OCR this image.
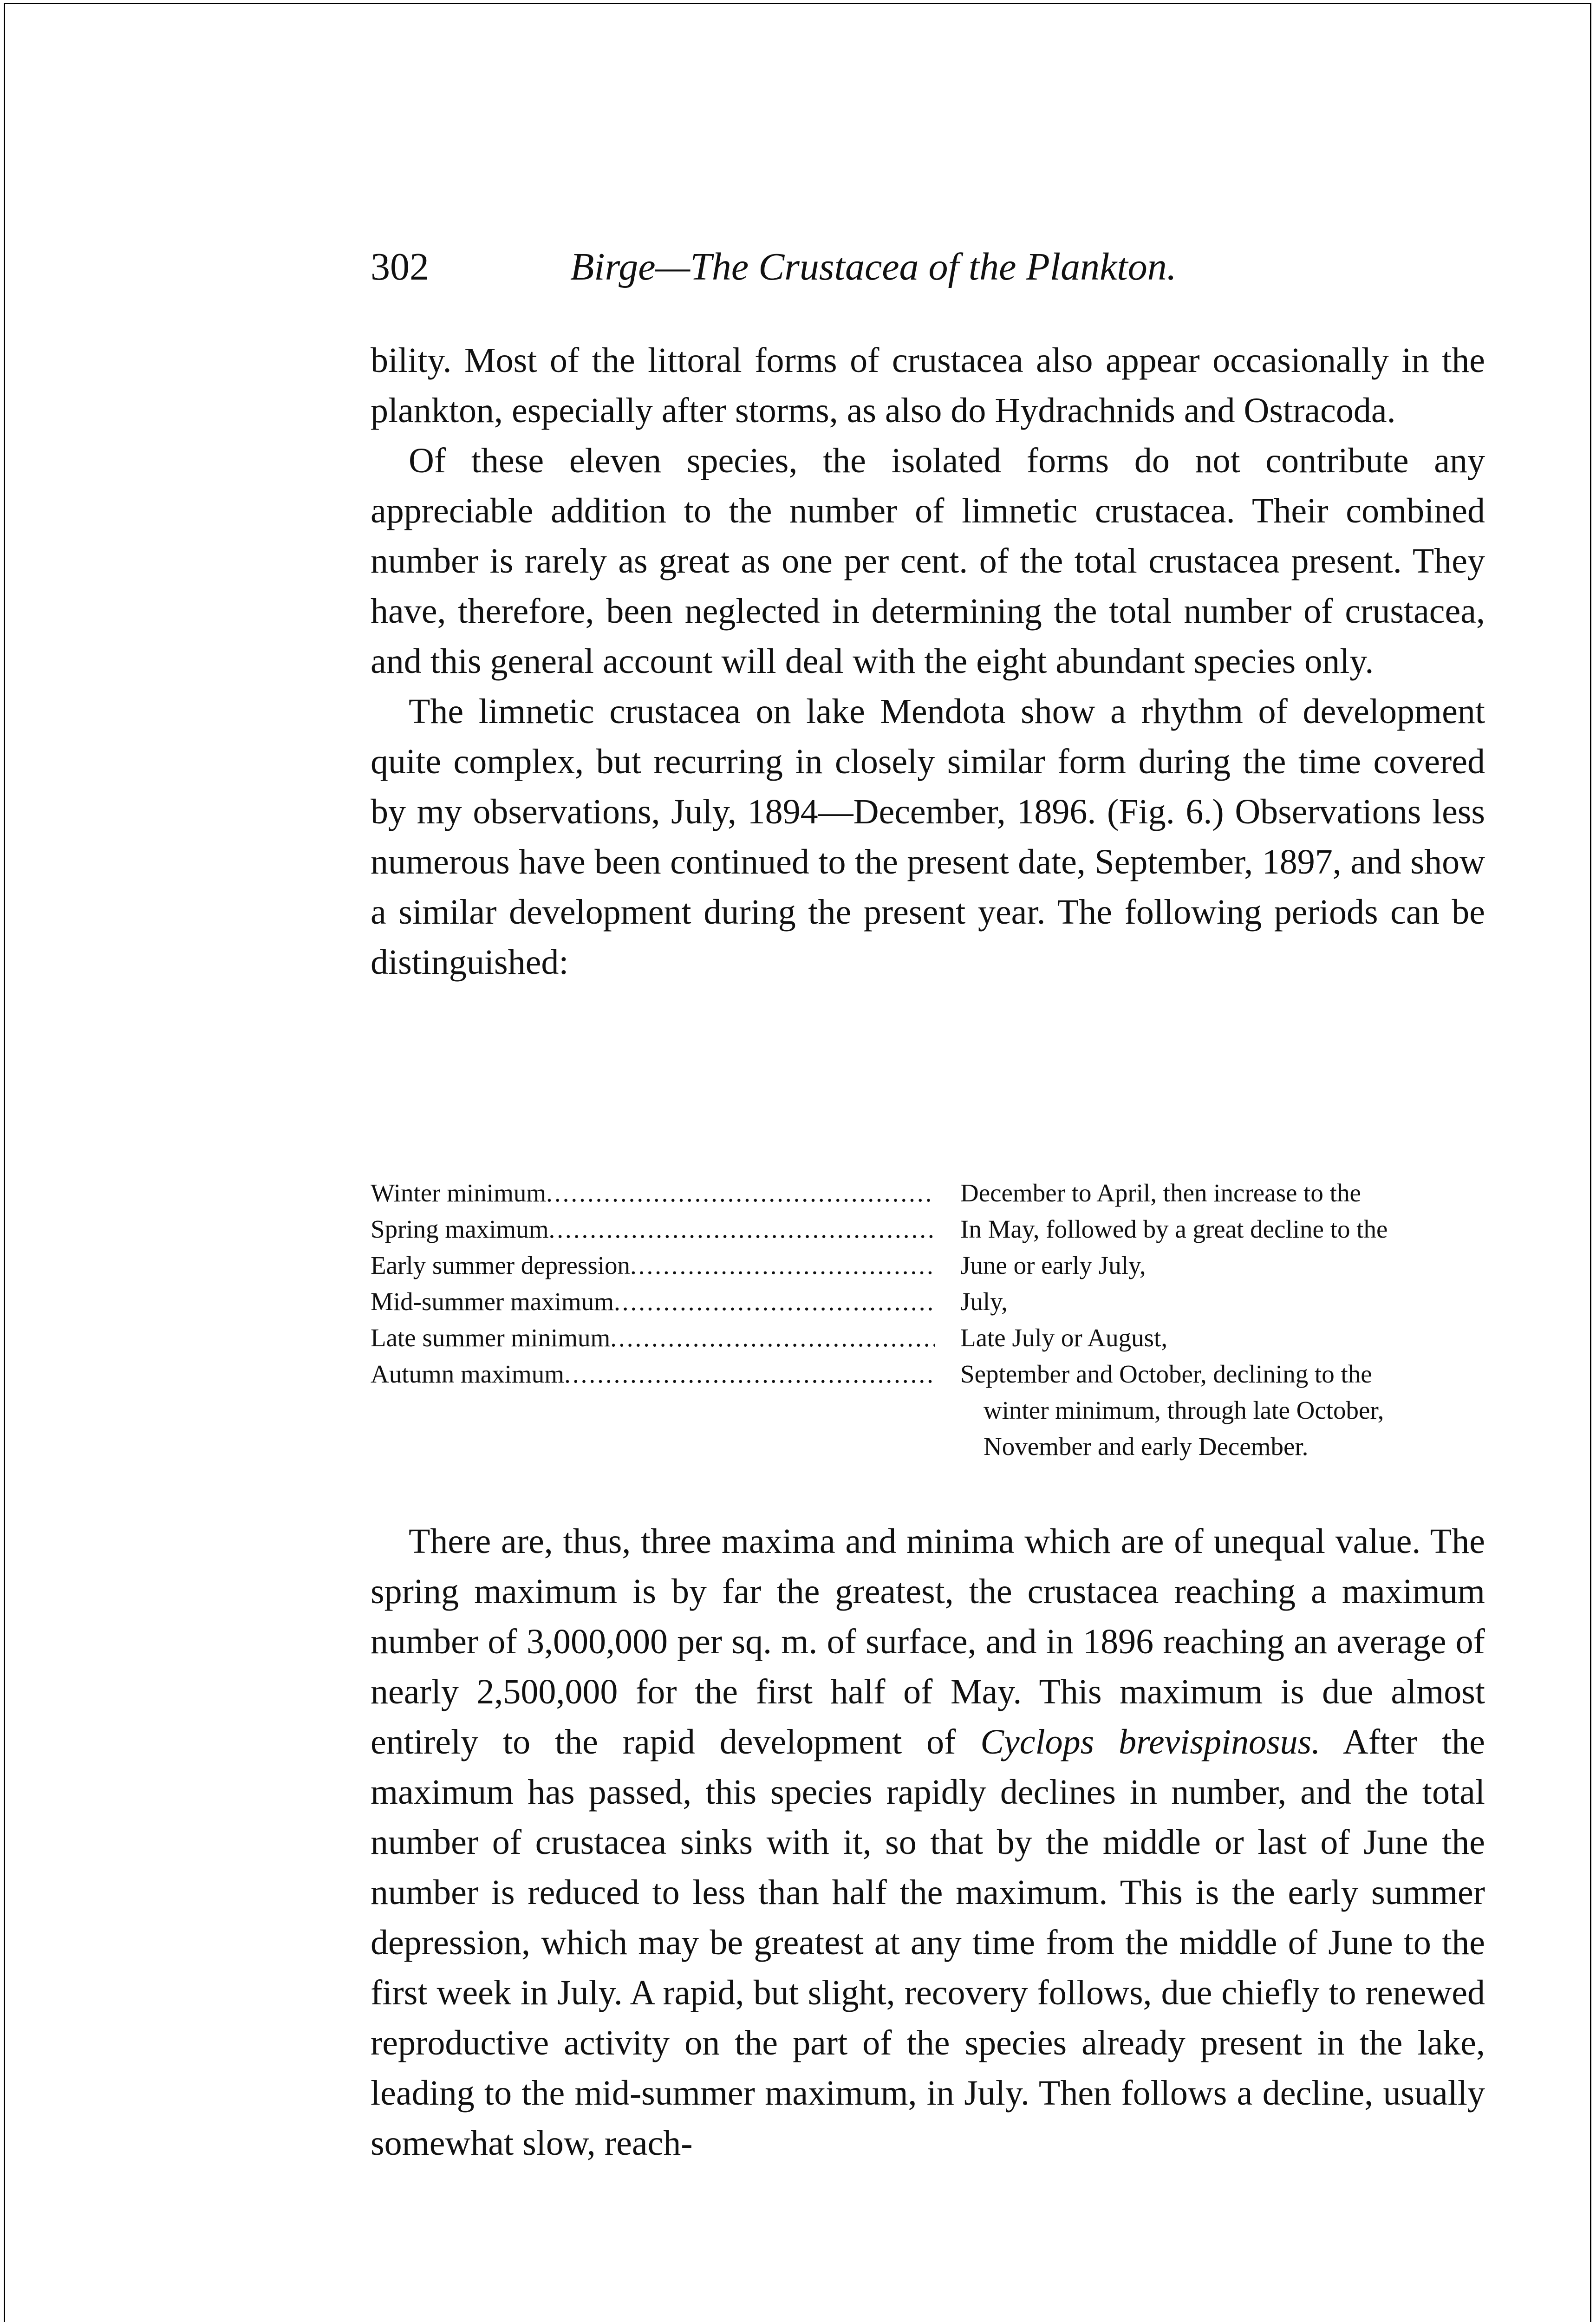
302	Birge—The Crustacea of the Plankton.

bility. Most of the littoral forms of crustacea also appear occasionally in the plankton, especially after storms, as also do Hydrachnids and Ostracoda.

Of these eleven species, the isolated forms do not contribute any appreciable addition to the number of limnetic crustacea. Their combined number is rarely as great as one per cent. of the total crustacea present. They have, therefore, been neglected in determining the total number of crustacea, and this general account will deal with the eight abundant species only.

The limnetic crustacea on lake Mendota show a rhythm of development quite complex, but recurring in closely similar form during the time covered by my observations, July, 1894—December, 1896. (Fig. 6.) Observations less numerous have been continued to the present date, September, 1897, and show a similar development during the present year. The following periods can be distinguished:

Winter minimum .....	December to April, then increase to the
Spring maximum .....	In May, followed by a great decline to the
Early summer depression .....	June or early July,
Mid-summer maximum .....	July,
Late summer minimum .....	Late July or August,
Autumn maximum .....	September and October, declining to the
winter minimum, through late October,
November and early December.

There are, thus, three maxima and minima which are of unequal value. The spring maximum is by far the greatest, the crustacea reaching a maximum number of 3,000,000 per sq. m. of surface, and in 1896 reaching an average of nearly 2,500,000 for the first half of May. This maximum is due almost entirely to the rapid development of Cyclops brevispinosus. After the maximum has passed, this species rapidly declines in number, and the total number of crustacea sinks with it, so that by the middle or last of June the number is reduced to less than half the maximum. This is the early summer depression, which may be greatest at any time from the middle of June to the first week in July. A rapid, but slight, recovery follows, due chiefly to renewed reproductive activity on the part of the species already present in the lake, leading to the mid-summer maximum, in July. Then follows a decline, usually somewhat slow, reach-
